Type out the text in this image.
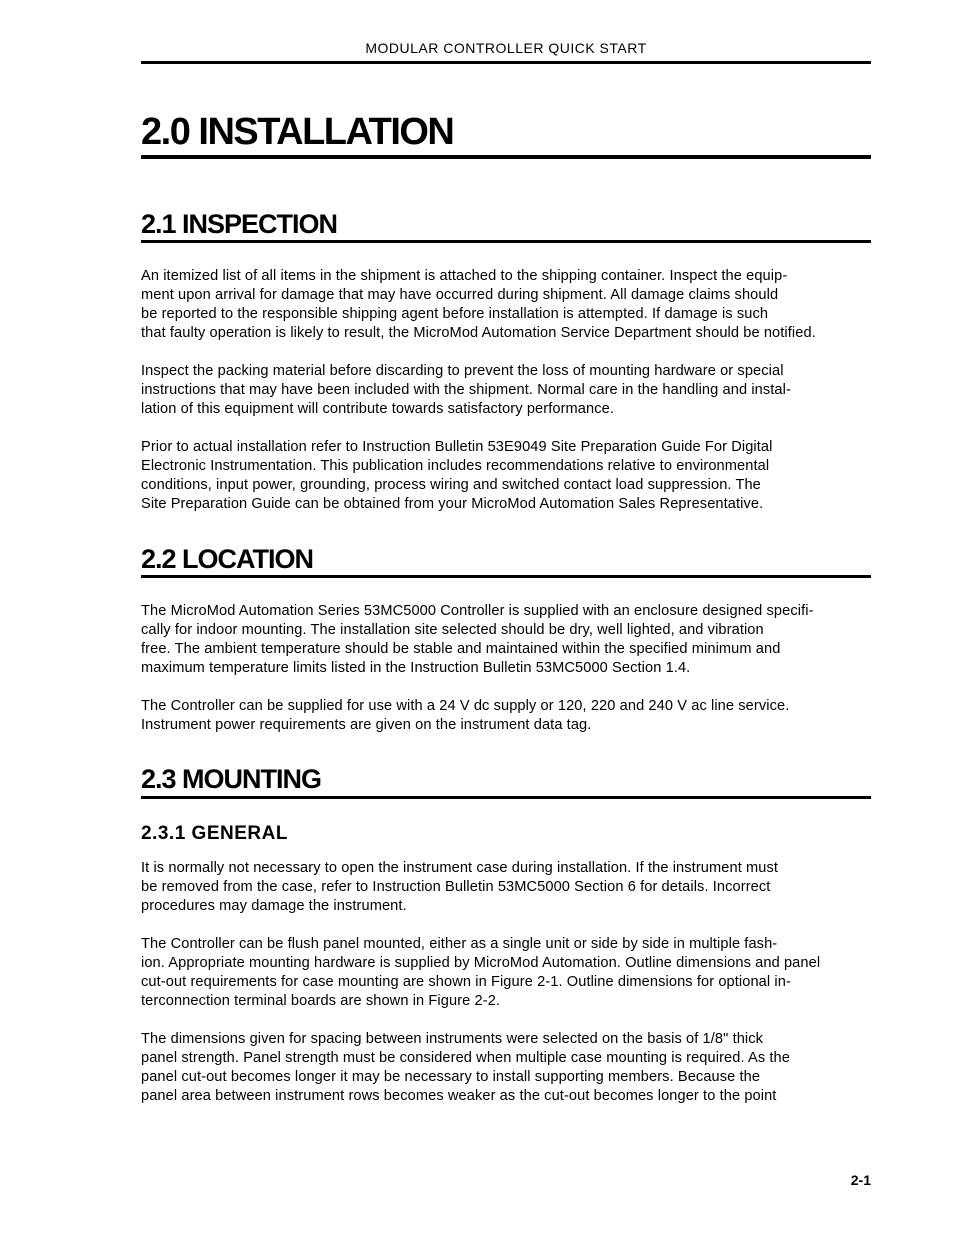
MODULAR CONTROLLER QUICK START
2.0 INSTALLATION
2.1 INSPECTION

An itemized list of all items in the shipment is attached to the shipping container. Inspect the equip-
ment upon arrival for damage that may have occurred during shipment. All damage claims should
be reported to the responsible shipping agent before installation is attempted. If damage is such
that faulty operation is likely to result, the MicroMod Automation Service Department should be notified.

Inspect the packing material before discarding to prevent the loss of mounting hardware or special
instructions that may have been included with the shipment. Normal care in the handling and instal-
lation of this equipment will contribute towards satisfactory performance.

Prior to actual installation refer to Instruction Bulletin 53E9049 Site Preparation Guide For Digital
Electronic Instrumentation. This publication includes recommendations relative to environmental
conditions, input power, grounding, process wiring and switched contact load suppression. The
Site Preparation Guide can be obtained from your MicroMod Automation Sales Representative.

2.2 LOCATION

The MicroMod Automation Series 53MC5000 Controller is supplied with an enclosure designed specifi-
cally for indoor mounting. The installation site selected should be dry, well lighted, and vibration
free. The ambient temperature should be stable and maintained within the specified minimum and
maximum temperature limits listed in the Instruction Bulletin 53MC5000 Section 1.4.

The Controller can be supplied for use with a 24 V dc supply or 120, 220 and 240 V ac line service.
Instrument power requirements are given on the instrument data tag.

2.3 MOUNTING
2.3.1 GENERAL

It is normally not necessary to open the instrument case during installation. If the instrument must
be removed from the case, refer to Instruction Bulletin 53MC5000 Section 6 for details. Incorrect
procedures may damage the instrument.

The Controller can be flush panel mounted, either as a single unit or side by side in multiple fash-
ion. Appropriate mounting hardware is supplied by MicroMod Automation. Outline dimensions and panel
cut-out requirements for case mounting are shown in Figure 2-1. Outline dimensions for optional in-
terconnection terminal boards are shown in Figure 2-2.

The dimensions given for spacing between instruments were selected on the basis of 1/8" thick
panel strength. Panel strength must be considered when multiple case mounting is required. As the
panel cut-out becomes longer it may be necessary to install supporting members. Because the
panel area between instrument rows becomes weaker as the cut-out becomes longer to the point

2-1
